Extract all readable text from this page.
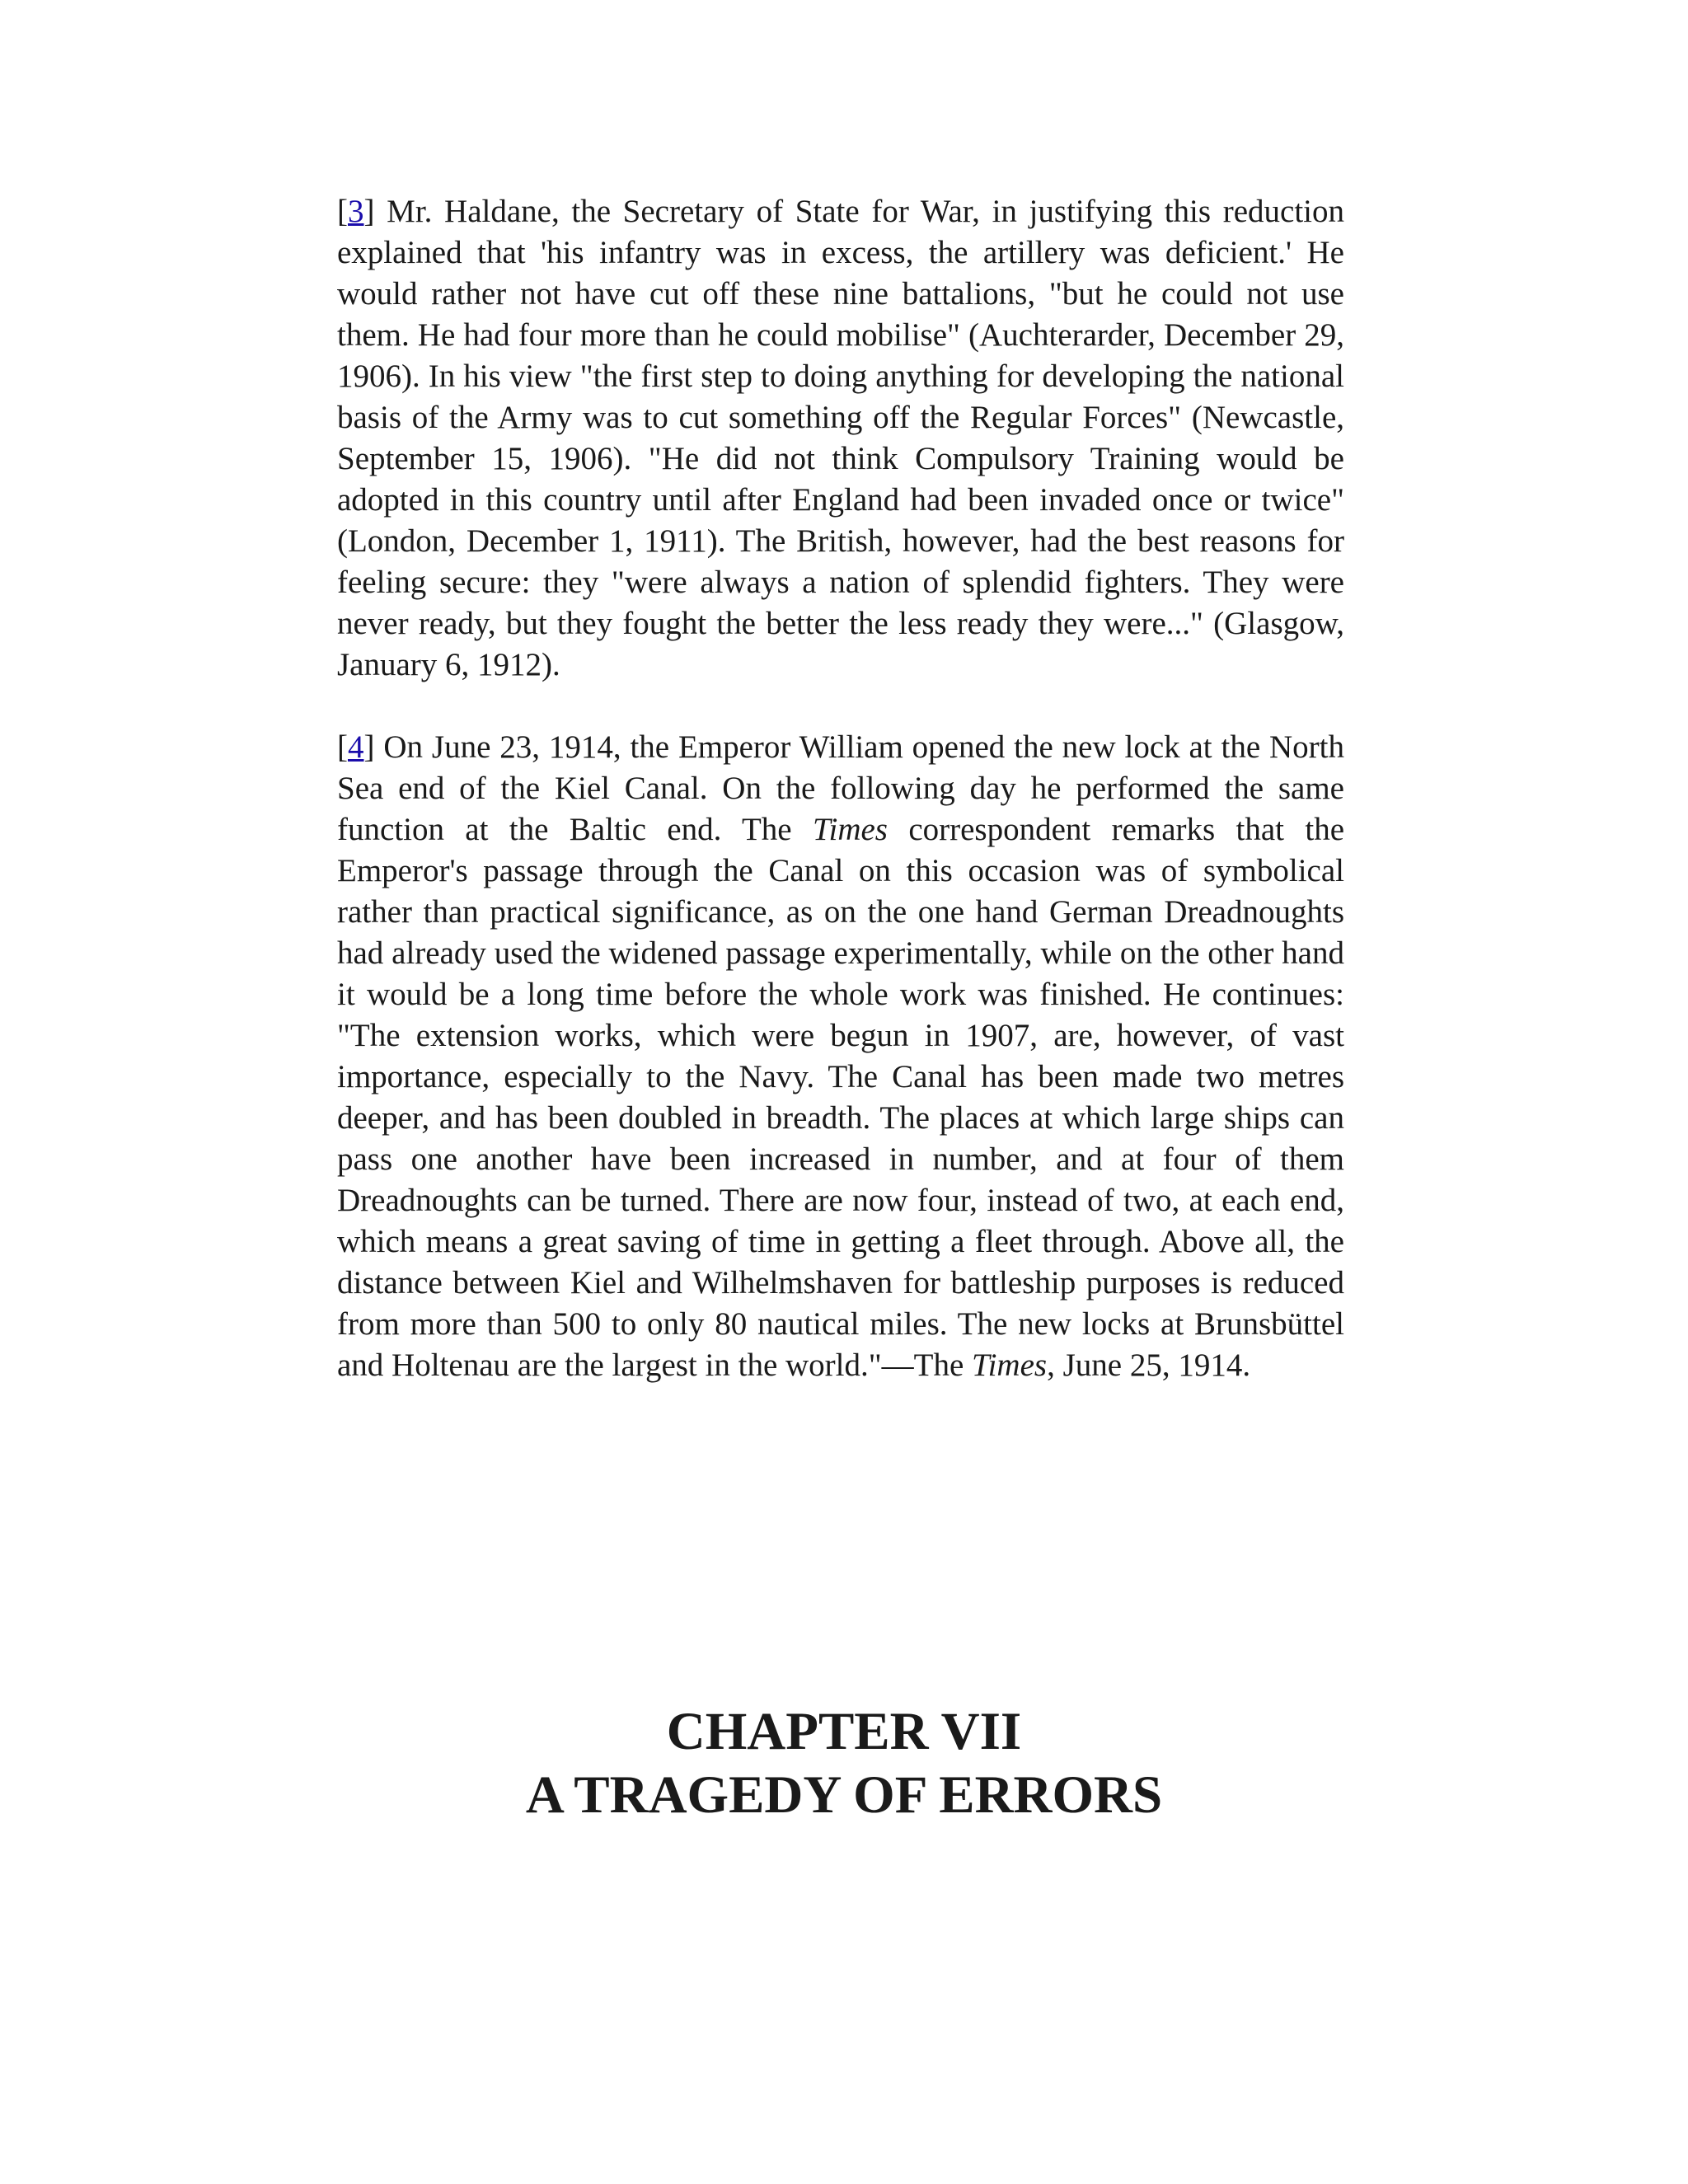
[3] Mr. Haldane, the Secretary of State for War, in justifying this reduction explained that 'his infantry was in excess, the artillery was deficient.' He would rather not have cut off these nine battalions, "but he could not use them. He had four more than he could mobilise" (Auchterarder, December 29, 1906). In his view "the first step to doing anything for developing the national basis of the Army was to cut something off the Regular Forces" (Newcastle, September 15, 1906). "He did not think Compulsory Training would be adopted in this country until after England had been invaded once or twice" (London, December 1, 1911). The British, however, had the best reasons for feeling secure: they "were always a nation of splendid fighters. They were never ready, but they fought the better the less ready they were..." (Glasgow, January 6, 1912).

[4] On June 23, 1914, the Emperor William opened the new lock at the North Sea end of the Kiel Canal. On the following day he performed the same function at the Baltic end. The Times correspondent remarks that the Emperor's passage through the Canal on this occasion was of symbolical rather than practical significance, as on the one hand German Dreadnoughts had already used the widened passage experimentally, while on the other hand it would be a long time before the whole work was finished. He continues: "The extension works, which were begun in 1907, are, however, of vast importance, especially to the Navy. The Canal has been made two metres deeper, and has been doubled in breadth. The places at which large ships can pass one another have been increased in number, and at four of them Dreadnoughts can be turned. There are now four, instead of two, at each end, which means a great saving of time in getting a fleet through. Above all, the distance between Kiel and Wilhelmshaven for battleship purposes is reduced from more than 500 to only 80 nautical miles. The new locks at Brunsbüttel and Holtenau are the largest in the world."—The Times, June 25, 1914.

CHAPTER VII
A TRAGEDY OF ERRORS
